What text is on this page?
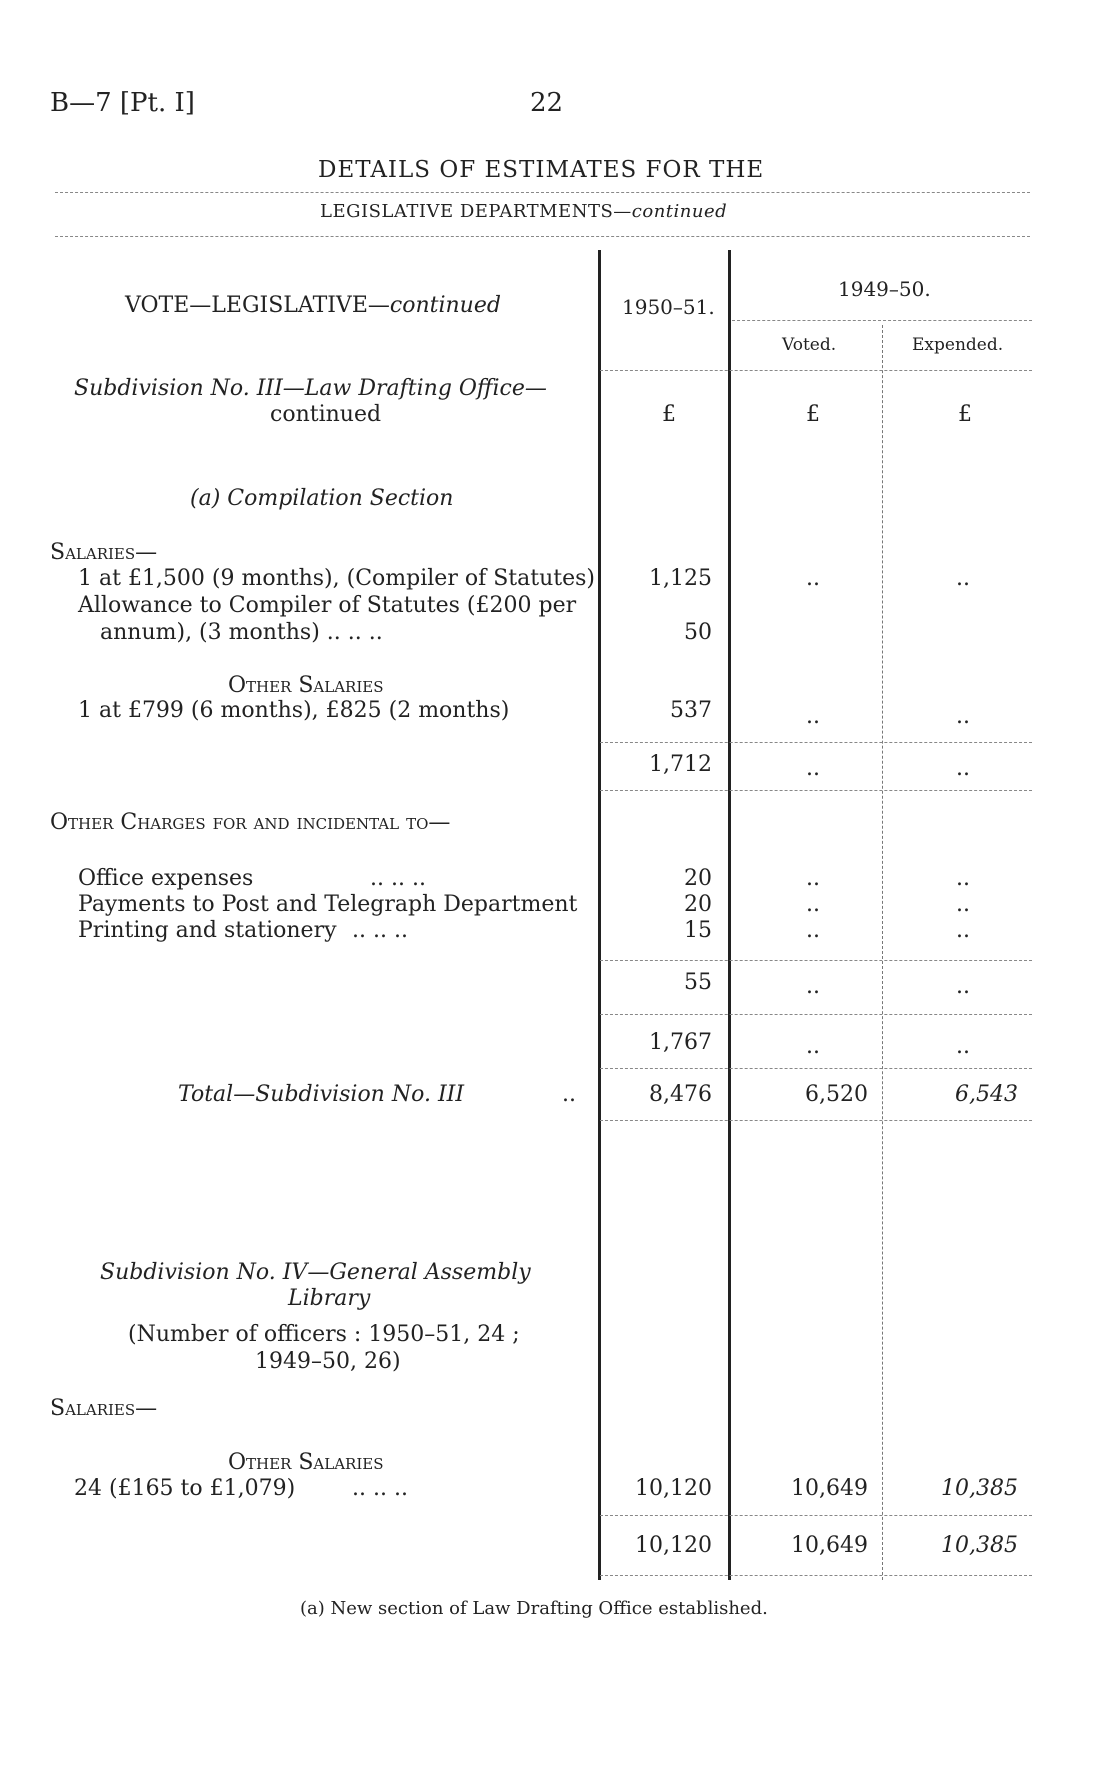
B—7 [Pt. I]	22
DETAILS OF ESTIMATES FOR THE
LEGISLATIVE DEPARTMENTS—continued
VOTE—LEGISLATIVE—continued	1950–51.
1949–50.
Voted.	Expended.
Subdivision No. III—Law Drafting Office—
continued	£	£	£
(a) Compilation Section
Salaries—
1 at £1,500 (9 months), (Compiler of Statutes)	1,125	..	..
Allowance to Compiler of Statutes (£200 per
annum), (3 months) .. .. ..	50
Other Salaries
1 at £799 (6 months), £825 (2 months)	537	..	..
1,712	..	..
Other Charges for and incidental to—
Office expenses	.. .. ..	20	..	..
Payments to Post and Telegraph Department	20	..	..
Printing and stationery .. .. ..	15	..	..
55	..	..
1,767	..	..
Total—Subdivision No. III	..	8,476	6,520	6,543
Subdivision No. IV—General Assembly
Library
(Number of officers : 1950–51, 24 ;
1949–50, 26)
Salaries—
Other Salaries
24 (£165 to £1,079)	.. .. ..	10,120	10,649	10,385
10,120	10,649	10,385
(a) New section of Law Drafting Office established.
